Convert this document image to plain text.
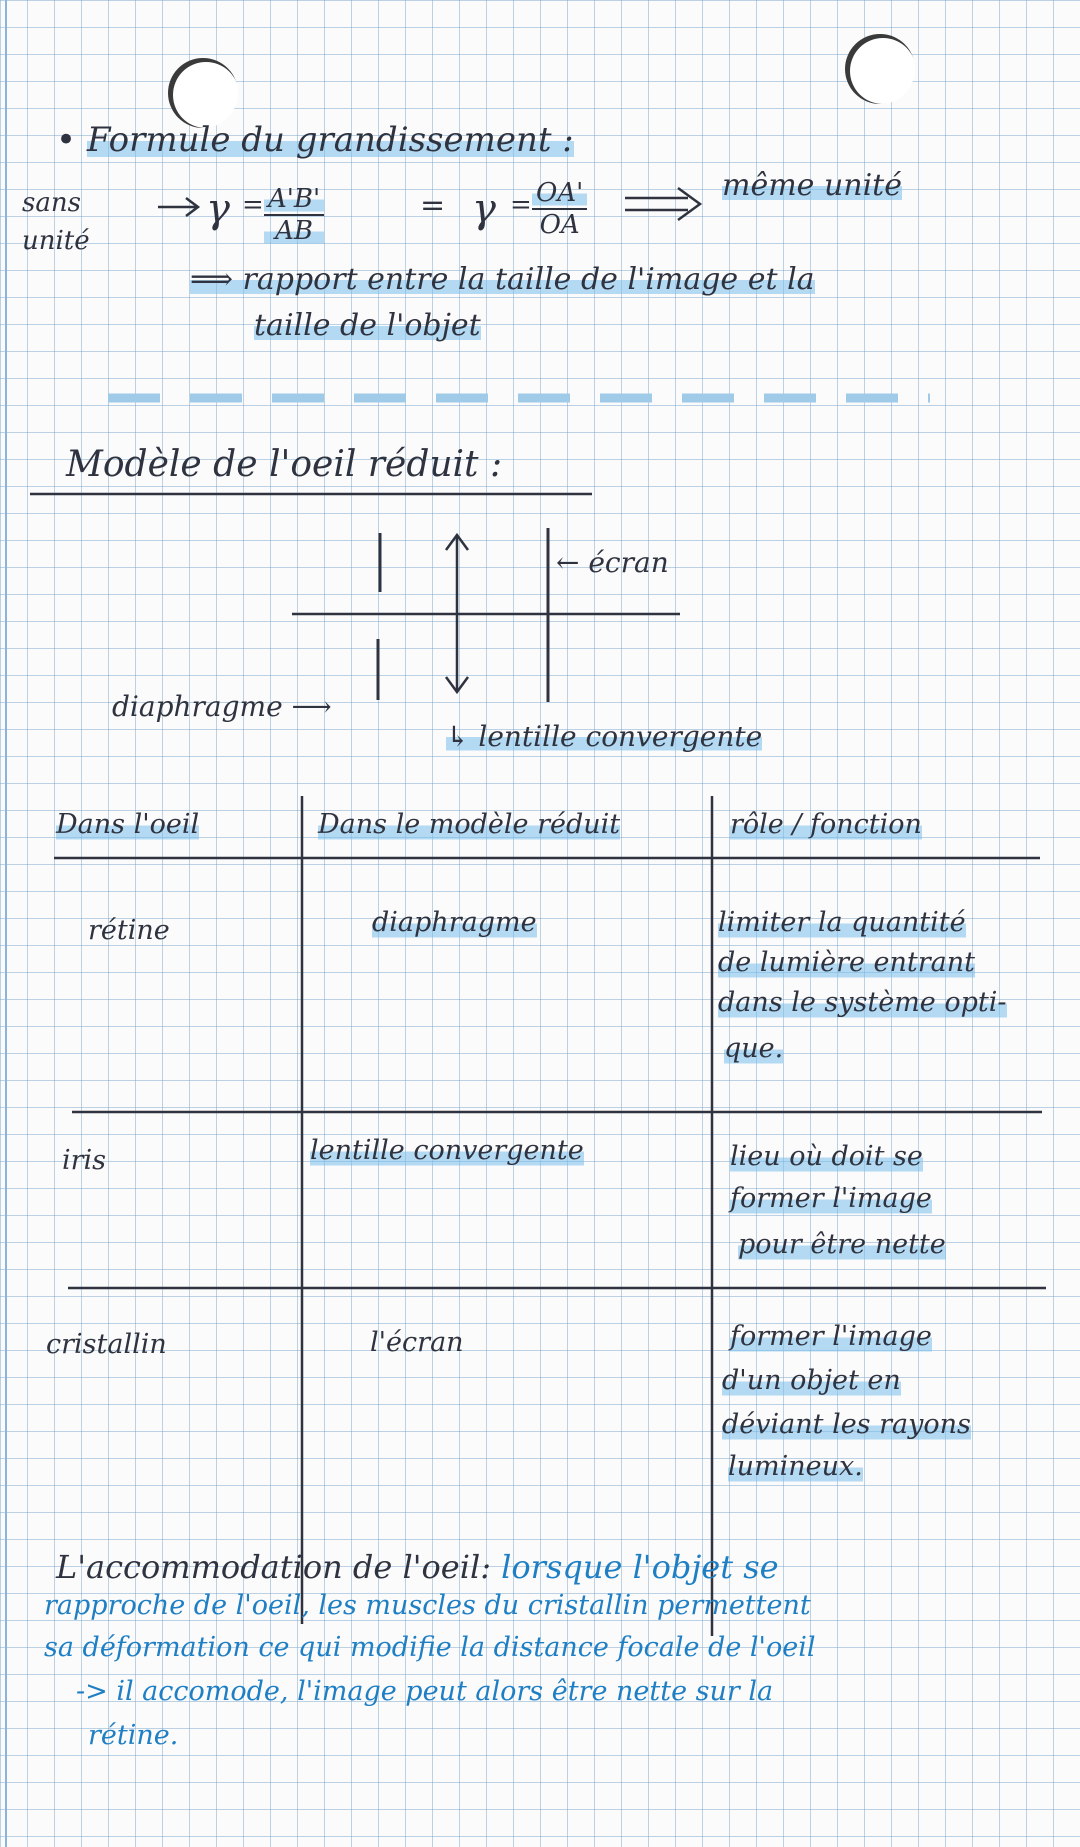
• Formule du grandissement :
sans
unité
$\gamma = \frac{A'B'}{AB}$	= $\gamma = \frac{OA'}{OA}$	même unité
⟹ rapport entre la taille de l'image et la
taille de l'objet
Modèle de l'oeil réduit :
← écran
diaphragme ⟶
↳ lentille convergente
Dans l'oeil	Dans le modèle réduit	rôle / fonction
rétine	diaphragme	limiter la quantité
de lumière entrant
dans le système opti-
que.
iris	lentille convergente	lieu où doit se
former l'image
pour être nette
cristallin	l'écran	former l'image
d'un objet en
déviant les rayons
lumineux.
L'accommodation de l'oeil: lorsque l'objet se
rapproche de l'oeil, les muscles du cristallin permettent
sa déformation ce qui modifie la distance focale de l'oeil
-> il accomode, l'image peut alors être nette sur la
rétine.
